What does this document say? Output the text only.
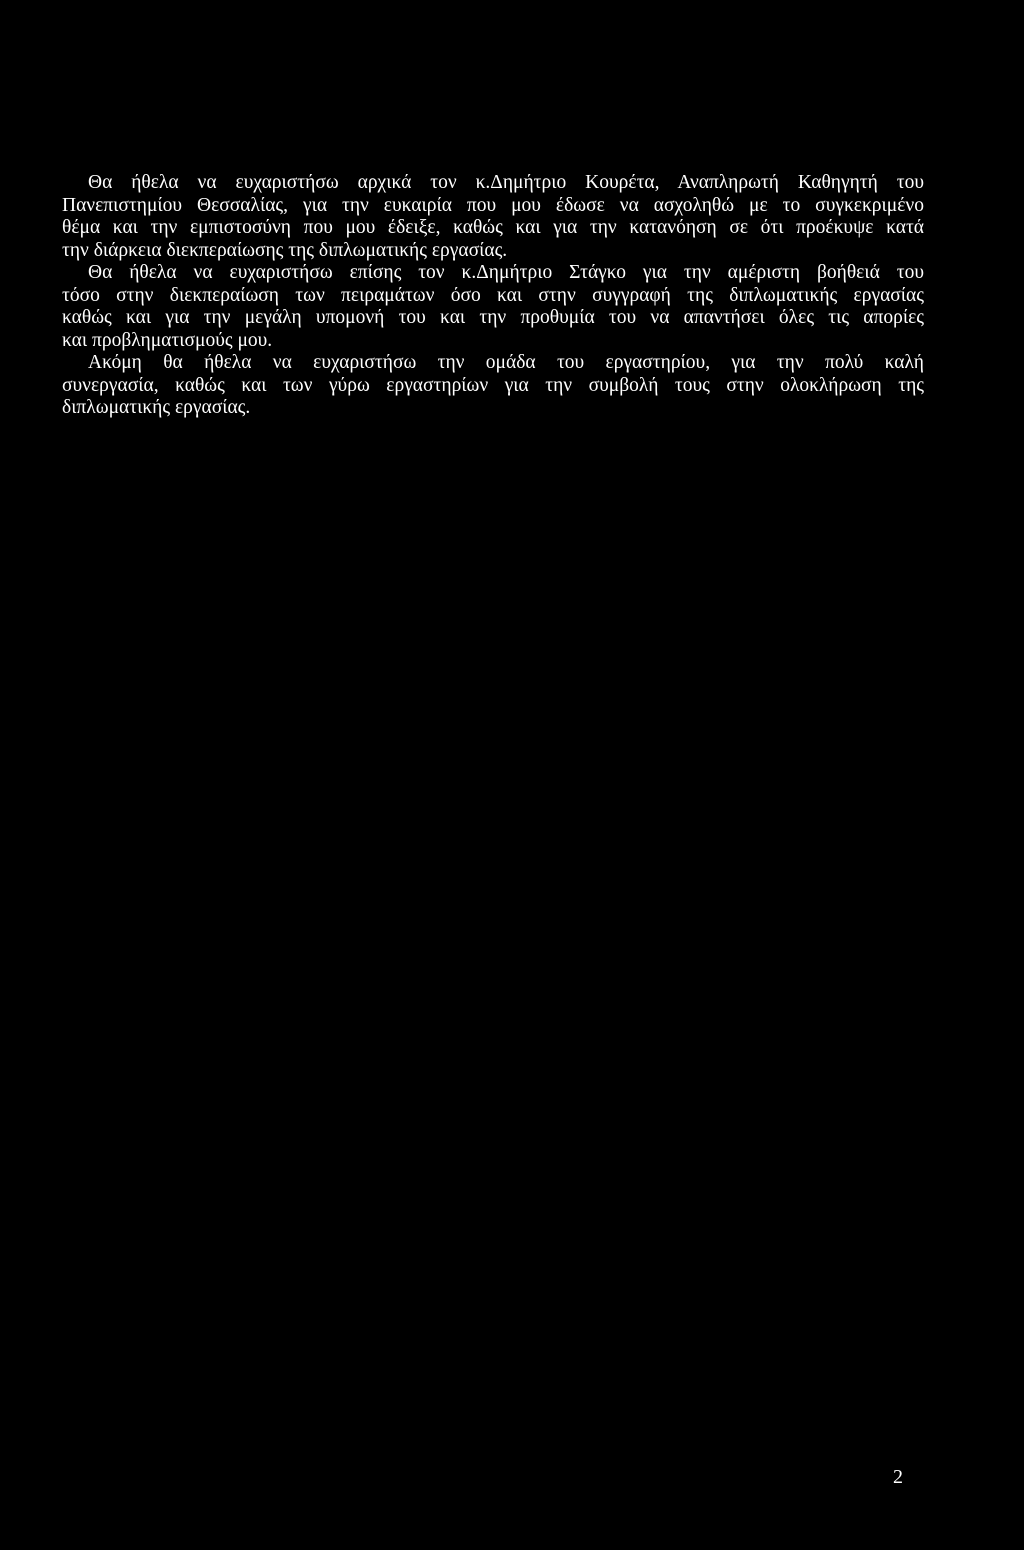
Θα ήθελα να ευχαριστήσω αρχικά τον κ.Δημήτριο Κουρέτα, Αναπληρωτή Καθηγητή του
Πανεπιστημίου Θεσσαλίας, για την ευκαιρία που μου έδωσε να ασχοληθώ με το συγκεκριμένο
θέμα και την εμπιστοσύνη που μου έδειξε, καθώς και για την κατανόηση σε ότι προέκυψε κατά
την διάρκεια διεκπεραίωσης της διπλωματικής εργασίας.
Θα ήθελα να ευχαριστήσω επίσης τον κ.Δημήτριο Στάγκο για την αμέριστη βοήθειά του
τόσο στην διεκπεραίωση των πειραμάτων όσο και στην συγγραφή της διπλωματικής εργασίας
καθώς και για την μεγάλη υπομονή του και την προθυμία του να απαντήσει όλες τις απορίες
και προβληματισμούς μου.
Ακόμη θα ήθελα να ευχαριστήσω την ομάδα του εργαστηρίου, για την πολύ καλή
συνεργασία, καθώς και των γύρω εργαστηρίων για την συμβολή τους στην ολοκλήρωση της
διπλωματικής εργασίας.
2
